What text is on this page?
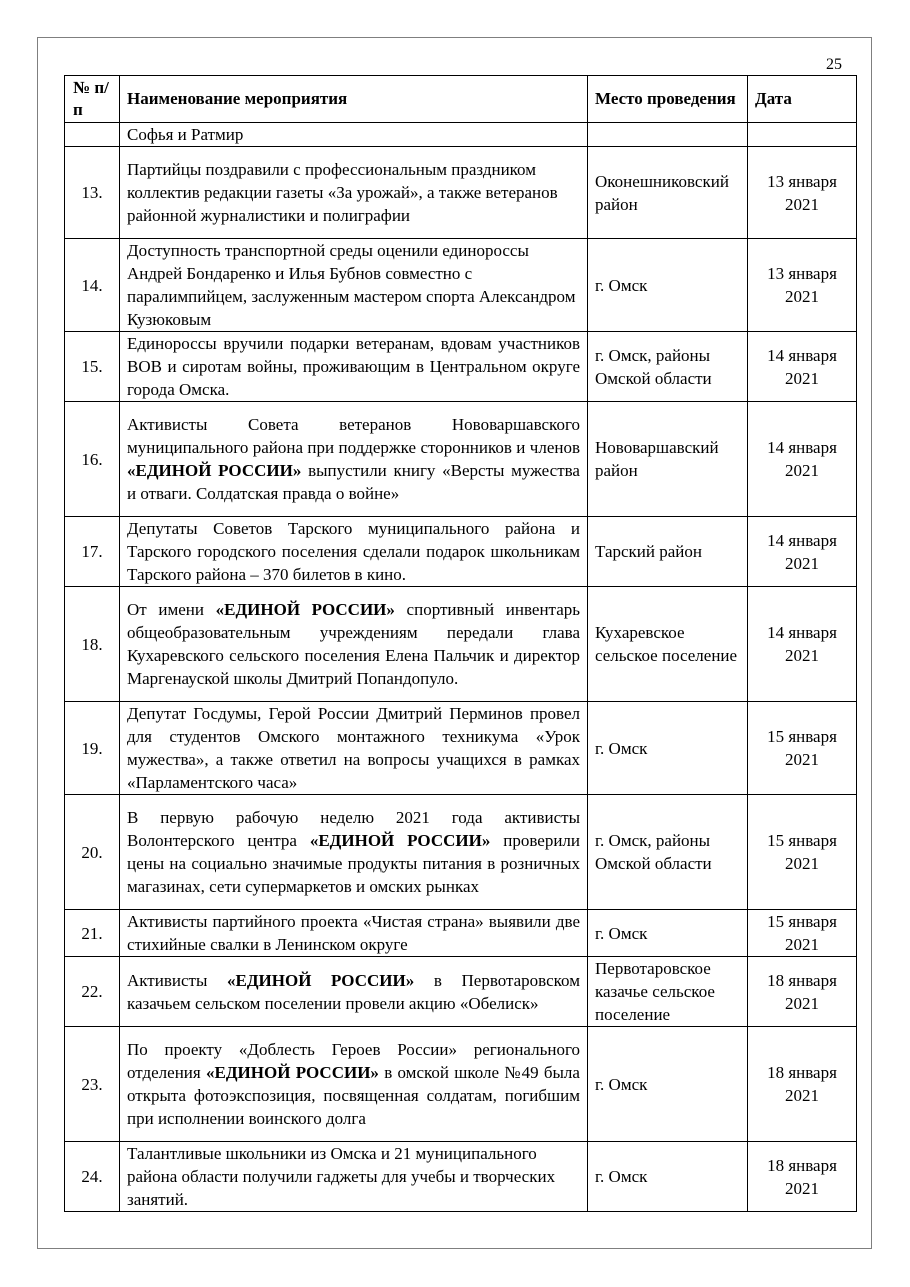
25
№ п/п	Наименование мероприятия	Место проведения	Дата
	Софья и Ратмир		
13.	Партийцы поздравили с профессиональным праздником коллектив редакции газеты «За урожай», а также ветеранов районной журналистики и полиграфии	Оконешниковский район	13 января 2021
14.	Доступность транспортной среды оценили единороссы Андрей Бондаренко и Илья Бубнов совместно с паралимпийцем, заслуженным мастером спорта Александром Кузюковым	г. Омск	13 января 2021
15.	Единороссы вручили подарки ветеранам, вдовам участников ВОВ и сиротам войны, проживающим в Центральном округе города Омска.	г. Омск, районы Омской области	14 января 2021
16.	Активисты Совета ветеранов Нововаршавского муниципального района при поддержке сторонников и членов «ЕДИНОЙ РОССИИ» выпустили книгу «Версты мужества и отваги. Солдатская правда о войне»	Нововаршавский район	14 января 2021
17.	Депутаты Советов Тарского муниципального района и Тарского городского поселения сделали подарок школьникам Тарского района – 370 билетов в кино.	Тарский район	14 января 2021
18.	От имени «ЕДИНОЙ РОССИИ» спортивный инвентарь общеобразовательным учреждениям передали глава Кухаревского сельского поселения Елена Пальчик и директор Маргенауской школы Дмитрий Попандопуло.	Кухаревское сельское поселение	14 января 2021
19.	Депутат Госдумы, Герой России Дмитрий Перминов провел для студентов Омского монтажного техникума «Урок мужества», а также ответил на вопросы учащихся в рамках «Парламентского часа»	г. Омск	15 января 2021
20.	В первую рабочую неделю 2021 года активисты Волонтерского центра «ЕДИНОЙ РОССИИ» проверили цены на социально значимые продукты питания в розничных магазинах, сети супермаркетов и омских рынках	г. Омск, районы Омской области	15 января 2021
21.	Активисты партийного проекта «Чистая страна» выявили две стихийные свалки в Ленинском округе	г. Омск	15 января 2021
22.	Активисты «ЕДИНОЙ РОССИИ» в Первотаровском казачьем сельском поселении провели акцию «Обелиск»	Первотаровское казачье сельское поселение	18 января 2021
23.	По проекту «Доблесть Героев России» регионального отделения «ЕДИНОЙ РОССИИ» в омской школе №49 была открыта фотоэкспозиция, посвященная солдатам, погибшим при исполнении воинского долга	г. Омск	18 января 2021
24.	Талантливые школьники из Омска и 21 муниципального района области получили гаджеты для учебы и творческих занятий.	г. Омск	18 января 2021
